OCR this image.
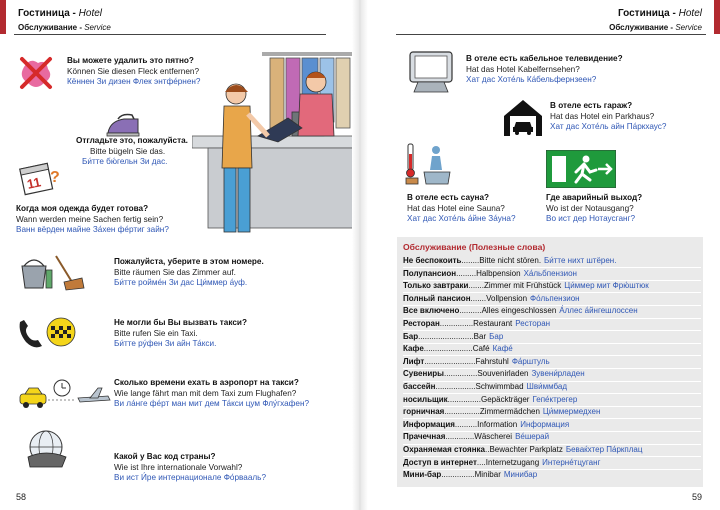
Гостиница - Hotel
Обслуживание - Service
11 ?
Вы можете удалить это пятно?
Können Sie diesen Fleck entfernen?
Кённен Зи дизен Флек энтфе́рнен?
Отгладьте это, пожалуйста.
Bitte bügeln Sie das.
Би́тте бю́гельн Зи дас.
Когда моя одежда будет готова?
Wann werden meine Sachen fertig sein?
Ванн вёрден майне За́хен фе́ртиг зайн?
Пожалуйста, уберите в этом номере.
Bitte räumen Sie das Zimmer auf.
Би́тте ройме́н Зи дас Ци́ммер а́уф.
Не могли бы Вы вызвать такси?
Bitte rufen Sie ein Taxi.
Би́тте ру́фен Зи айн Та́кси.
Сколько времени ехать в аэропорт на такси?
Wie lange fährt man mit dem Taxi zum Flughafen?
Ви ла́нге фе́рт ман мит дем Та́кси цум Флу́гхафен?
Какой у Вас код страны?
Wie ist Ihre internationale Vorwahl?
Ви ист И́ре интернационале Фо́рвааль?
58
Гостиница - Hotel
Обслуживание - Service
В отеле есть кабельное телевидение?
Hat das Hotel Kabelfernsehen?
Хат дас Хоте́ль Ка́бельфернзеен?
В отеле есть гараж?
Hat das Hotel ein Parkhaus?
Хат дас Хоте́ль айн Па́ркхаус?
В отеле есть сауна?
Hat das Hotel eine Sauna?
Хат дас Хоте́ль а́йне За́уна?
Где аварийный выход?
Wo ist der Notausgang?
Во ист дер Нотаусганг?
Обслуживание (Полезные слова)
Не беспокоить........Bitte nicht stören. Би́тте нихт штёрен.
Полупансион.........Halbpension Ха́льбпензион
Только завтраки.......Zimmer mit Frühstück Ци́ммер мит Фрю́штюк
Полный пансион.......Vollpension Фо́льпензион
Все включено..........Alles eingeschlossen А́ллес а́йнгешлоссен
Ресторан...............Restaurant Ресторан
Бар.........................Bar Бар
Кафе......................Café Кафе́
Лифт.......................Fahrstuhl Фа́рштуль
Сувениры...............Souvenirladen Зувени́рладен
бассейн..................Schwimmbad Шви́ммбад
носильщик...............Gepäckträger Гепе́ктрегер
горничная................Zimmermädchen Ци́ммермедхен
Информация..........Information Информация
Прачечная.............Wäscherei Ве́шерай
Охраняемая стоянка..Bewachter Parkplatz Беваќхтер Па́ркплац
Доступ в интернет....Internetzugang Интерне́тцуганг
Мини-бар...............Minibar Минибар
59
